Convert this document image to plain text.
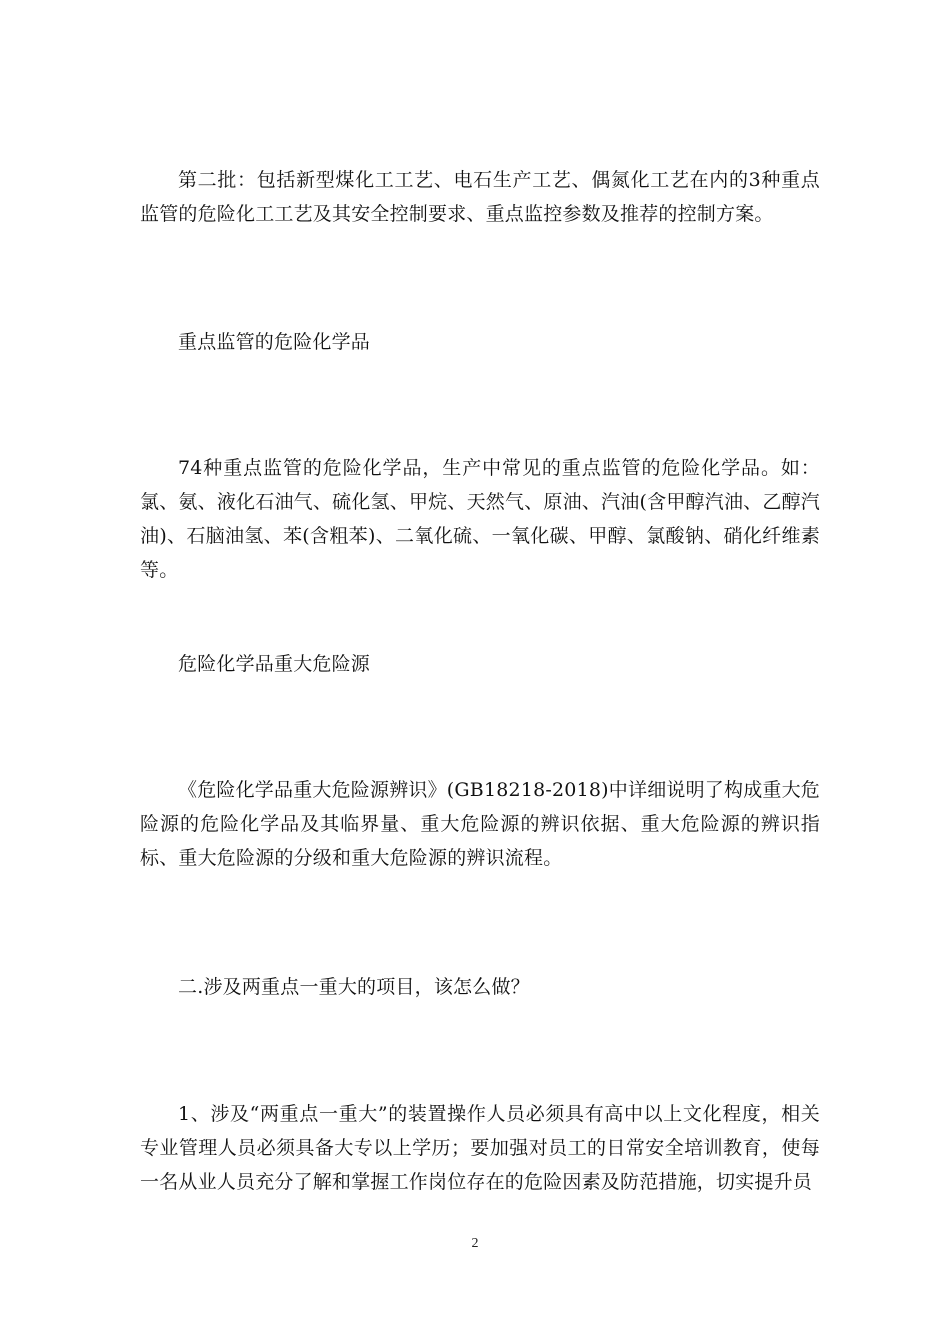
第二批：包括新型煤化工工艺、电石生产工艺、偶氮化工艺在内的3种重点监管的危险化工工艺及其安全控制要求、重点监控参数及推荐的控制方案。

重点监管的危险化学品

74种重点监管的危险化学品，生产中常见的重点监管的危险化学品。如：氯、氨、液化石油气、硫化氢、甲烷、天然气、原油、汽油(含甲醇汽油、乙醇汽油)、石脑油氢、苯(含粗苯)、二氧化硫、一氧化碳、甲醇、氯酸钠、硝化纤维素等。

危险化学品重大危险源

《危险化学品重大危险源辨识》(GB18218-2018)中详细说明了构成重大危险源的危险化学品及其临界量、重大危险源的辨识依据、重大危险源的辨识指标、重大危险源的分级和重大危险源的辨识流程。

二.涉及两重点一重大的项目，该怎么做？

1、涉及“两重点一重大”的装置操作人员必须具有高中以上文化程度，相关专业管理人员必须具备大专以上学历；要加强对员工的日常安全培训教育，使每一名从业人员充分了解和掌握工作岗位存在的危险因素及防范措施，切实提升员

2
